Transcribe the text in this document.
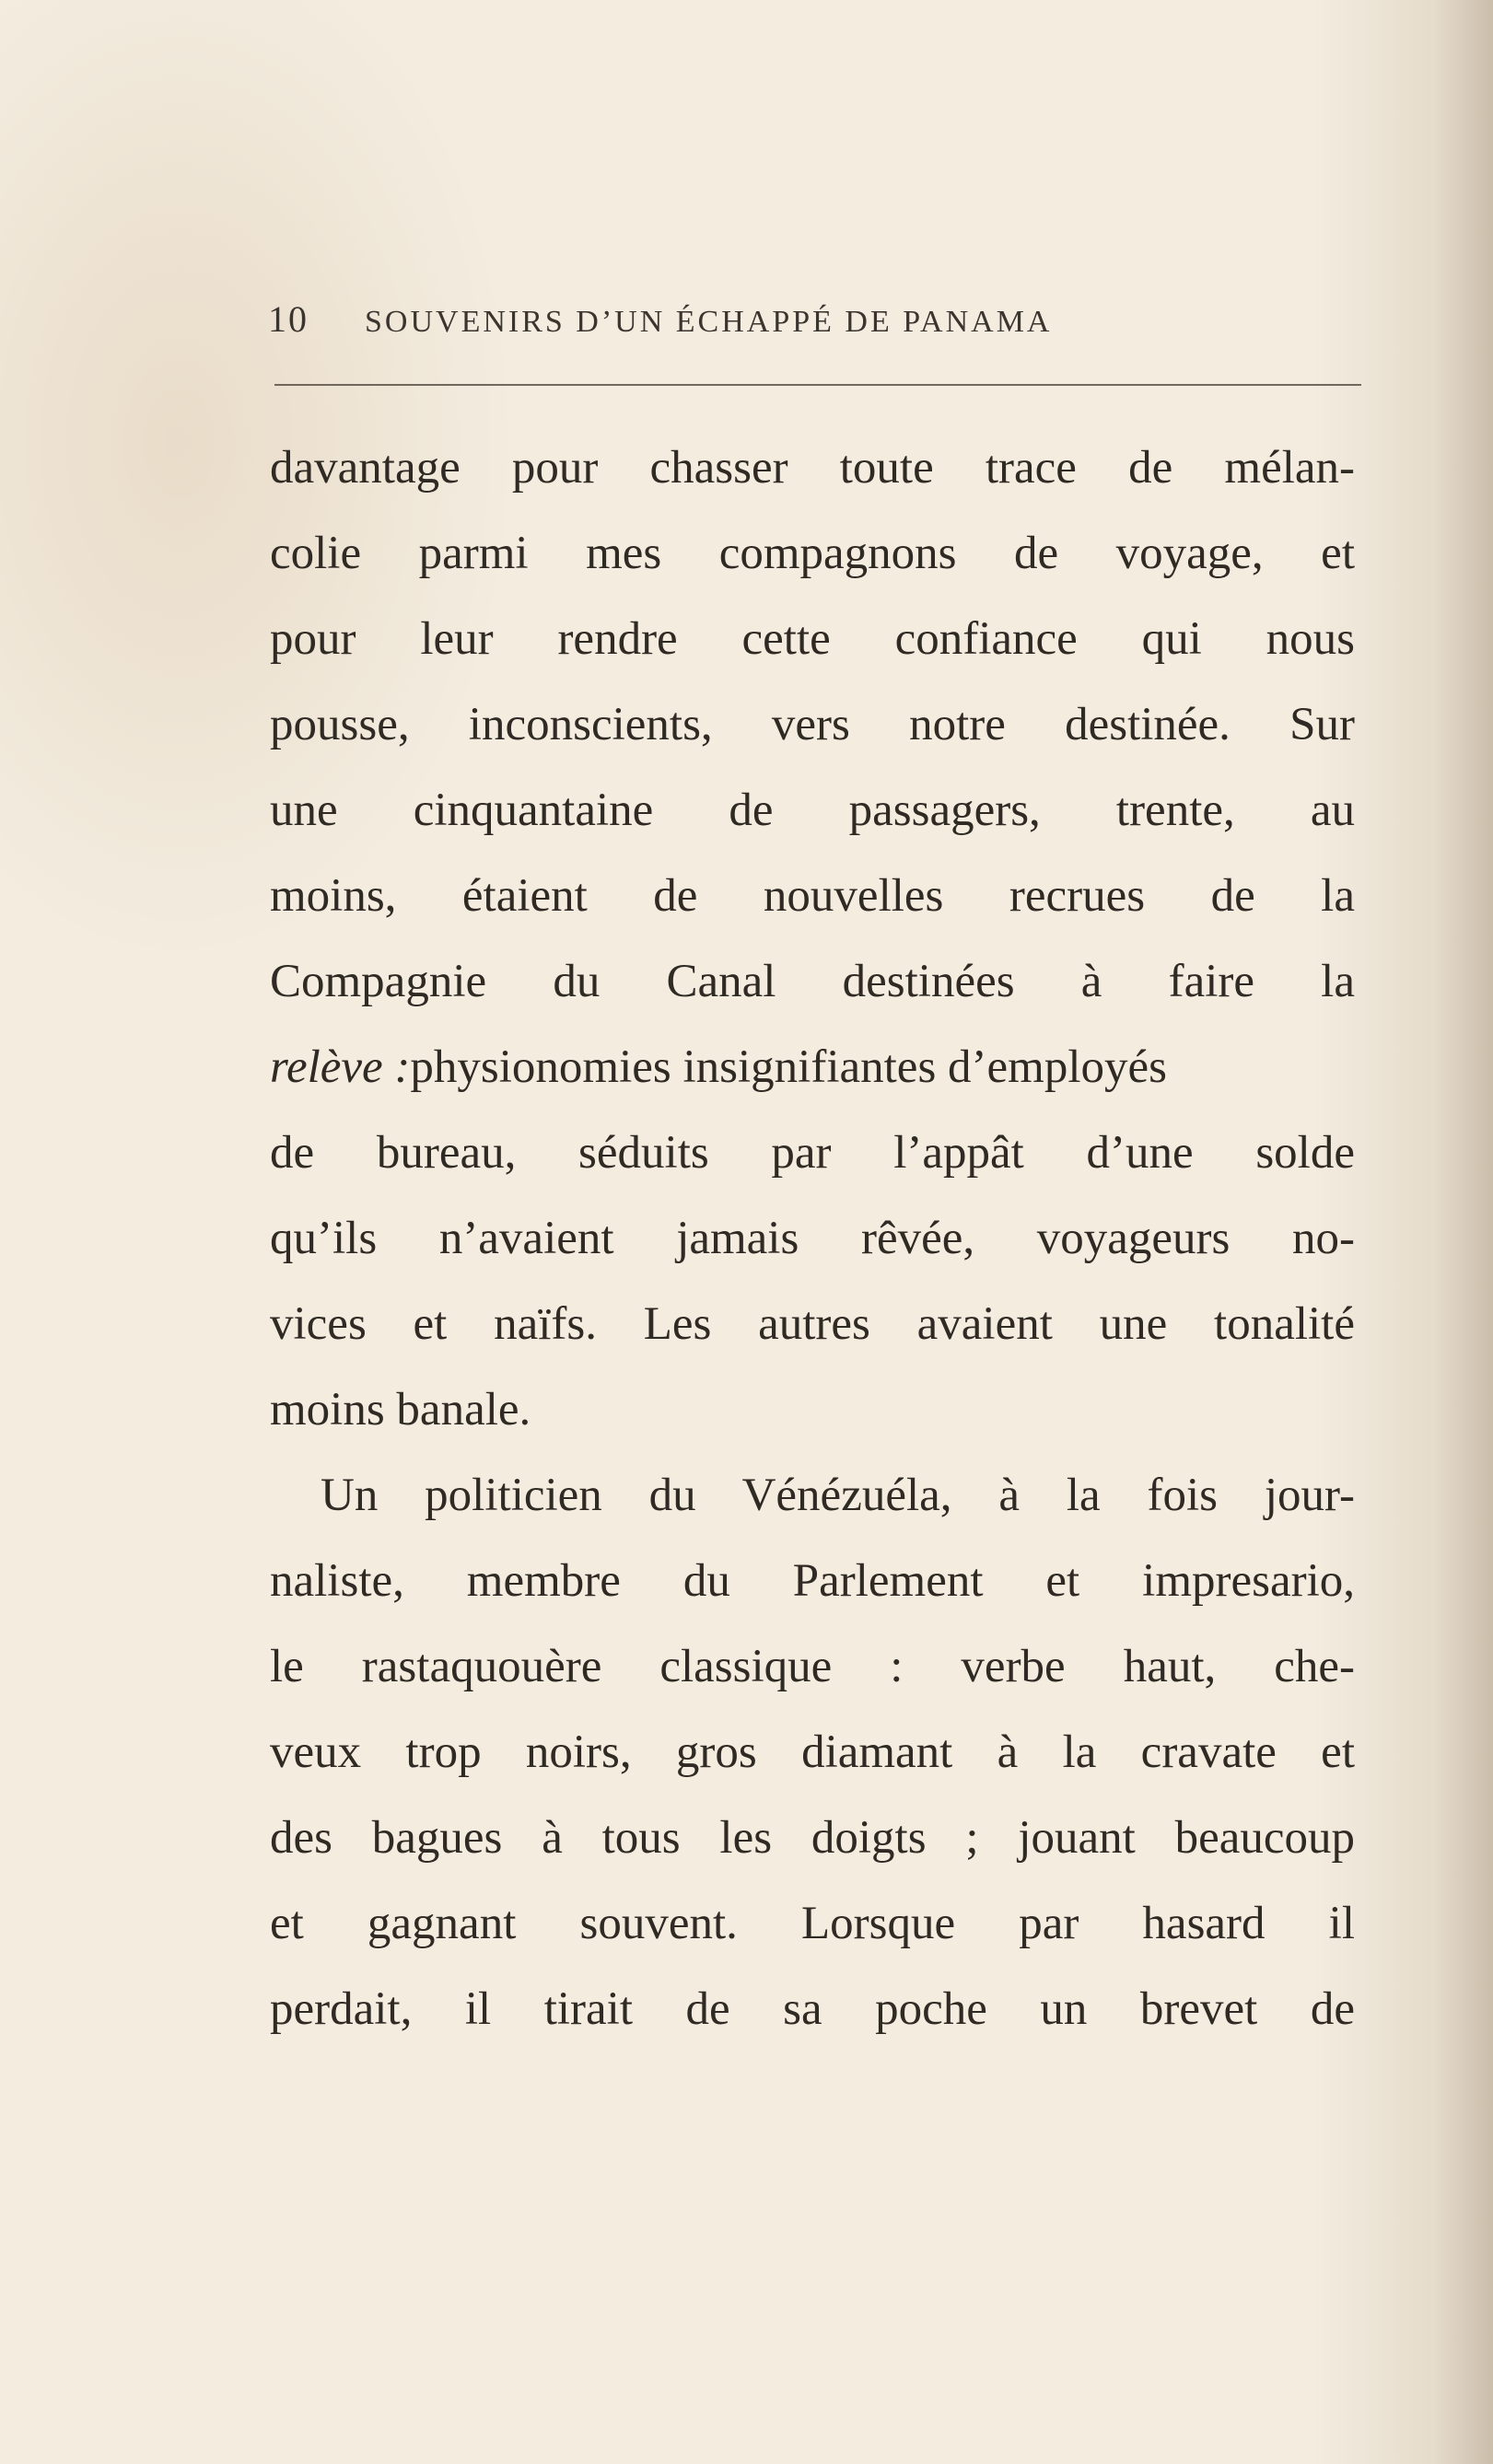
10	SOUVENIRS D’UN ÉCHAPPÉ DE PANAMA
davantage pour chasser toute trace de mélan-
colie parmi mes compagnons de voyage, et
pour leur rendre cette confiance qui nous
pousse, inconscients, vers notre destinée. Sur
une cinquantaine de passagers, trente, au
moins, étaient de nouvelles recrues de la
Compagnie du Canal destinées à faire la
relève :physionomies insignifiantes d’employés
de bureau, séduits par l’appât d’une solde
qu’ils n’avaient jamais rêvée, voyageurs no-
vices et naïfs. Les autres avaient une tonalité
moins banale.
Un politicien du Vénézuéla, à la fois jour-
naliste, membre du Parlement et impresario,
le rastaquouère classique : verbe haut, che-
veux trop noirs, gros diamant à la cravate et
des bagues à tous les doigts ; jouant beaucoup
et gagnant souvent. Lorsque par hasard il
perdait, il tirait de sa poche un brevet de
